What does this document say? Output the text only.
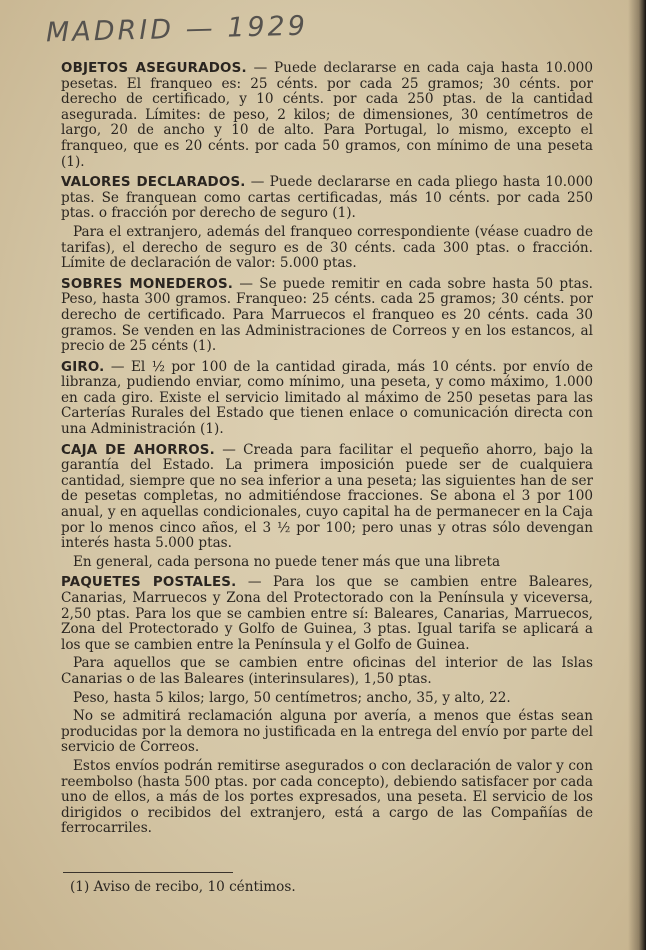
MADRID — 1929

OBJETOS ASEGURADOS. — Puede declararse en cada caja hasta 10.000 pesetas. El franqueo es: 25 cénts. por cada 25 gramos; 30 cénts. por derecho de certificado, y 10 cénts. por cada 250 ptas. de la cantidad asegurada. Límites: de peso, 2 kilos; de dimensiones, 30 centímetros de largo, 20 de ancho y 10 de alto. Para Portugal, lo mismo, excepto el franqueo, que es 20 cénts. por cada 50 gramos, con mínimo de una peseta (1).

VALORES DECLARADOS. — Puede declararse en cada pliego hasta 10.000 ptas. Se franquean como cartas certificadas, más 10 cénts. por cada 250 ptas. o fracción por derecho de seguro (1).

Para el extranjero, además del franqueo correspondiente (véase cuadro de tarifas), el derecho de seguro es de 30 cénts. cada 300 ptas. o fracción. Límite de declaración de valor: 5.000 ptas.

SOBRES MONEDEROS. — Se puede remitir en cada sobre hasta 50 ptas. Peso, hasta 300 gramos. Franqueo: 25 cénts. cada 25 gramos; 30 cénts. por derecho de certificado. Para Marruecos el franqueo es 20 cénts. cada 30 gramos. Se venden en las Administraciones de Correos y en los estancos, al precio de 25 cénts (1).

GIRO. — El ½ por 100 de la cantidad girada, más 10 cénts. por envío de libranza, pudiendo enviar, como mínimo, una peseta, y como máximo, 1.000 en cada giro. Existe el servicio limitado al máximo de 250 pesetas para las Carterías Rurales del Estado que tienen enlace o comunicación directa con una Administración (1).

CAJA DE AHORROS. — Creada para facilitar el pequeño ahorro, bajo la garantía del Estado. La primera imposición puede ser de cualquiera cantidad, siempre que no sea inferior a una peseta; las siguientes han de ser de pesetas completas, no admitiéndose fracciones. Se abona el 3 por 100 anual, y en aquellas condicionales, cuyo capital ha de permanecer en la Caja por lo menos cinco años, el 3 ½ por 100; pero unas y otras sólo devengan interés hasta 5.000 ptas.

En general, cada persona no puede tener más que una libreta

PAQUETES POSTALES. — Para los que se cambien entre Baleares, Canarias, Marruecos y Zona del Protectorado con la Península y viceversa, 2,50 ptas. Para los que se cambien entre sí: Baleares, Canarias, Marruecos, Zona del Protectorado y Golfo de Guinea, 3 ptas. Igual tarifa se aplicará a los que se cambien entre la Península y el Golfo de Guinea.

Para aquellos que se cambien entre oficinas del interior de las Islas Canarias o de las Baleares (interinsulares), 1,50 ptas.

Peso, hasta 5 kilos; largo, 50 centímetros; ancho, 35, y alto, 22.

No se admitirá reclamación alguna por avería, a menos que éstas sean producidas por la demora no justificada en la entrega del envío por parte del servicio de Correos.

Estos envíos podrán remitirse asegurados o con declaración de valor y con reembolso (hasta 500 ptas. por cada concepto), debiendo satisfacer por cada uno de ellos, a más de los portes expresados, una peseta. El servicio de los dirigidos o recibidos del extranjero, está a cargo de las Compañías de ferrocarriles.

(1) Aviso de recibo, 10 céntimos.
